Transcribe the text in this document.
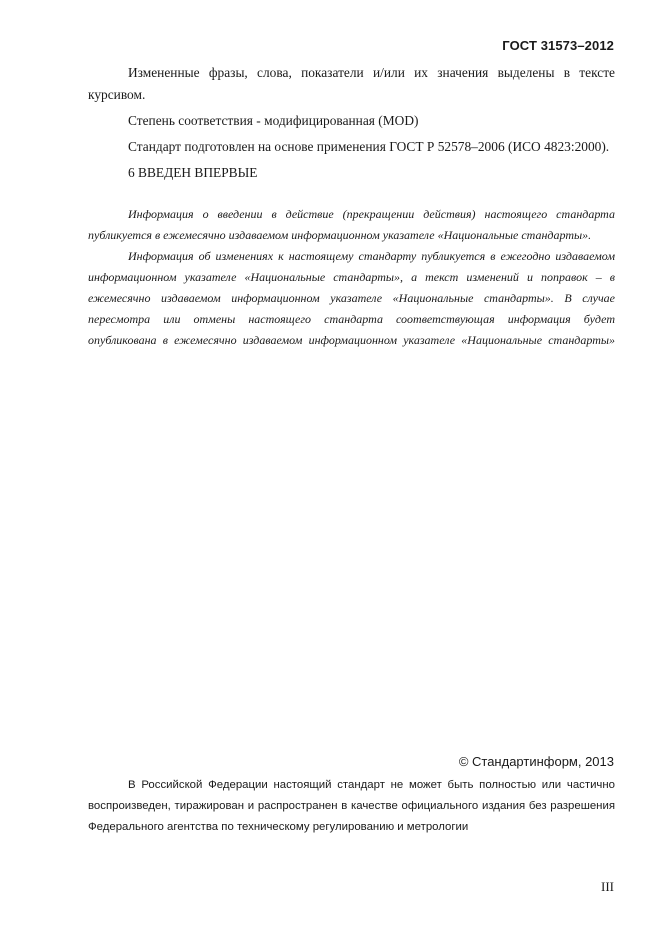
ГОСТ 31573–2012

Измененные фразы, слова, показатели и/или их значения выделены в тексте курсивом.

Степень соответствия ‑ модифицированная (MOD)

Стандарт подготовлен на основе применения ГОСТ Р 52578–2006 (ИСО 4823:2000).

6 ВВЕДЕН ВПЕРВЫЕ

Информация о введении в действие (прекращении действия) настоящего стандарта публикуется в ежемесячно издаваемом информационном указателе «Национальные стандарты».

Информация об изменениях к настоящему стандарту публикуется в ежегодно издаваемом информационном указателе «Национальные стандарты», а текст изменений и поправок – в ежемесячно издаваемом информационном указателе «Национальные стандарты». В случае пересмотра или отмены настоящего стандарта соответствующая информация будет опубликована в ежемесячно издаваемом информационном указателе «Национальные стандарты»

© Стандартинформ, 2013

В Российской Федерации настоящий стандарт не может быть полностью или частично воспроизведен, тиражирован и распространен в качестве официального издания без разрешения Федерального агентства по техническому регулированию и метрологии

III
